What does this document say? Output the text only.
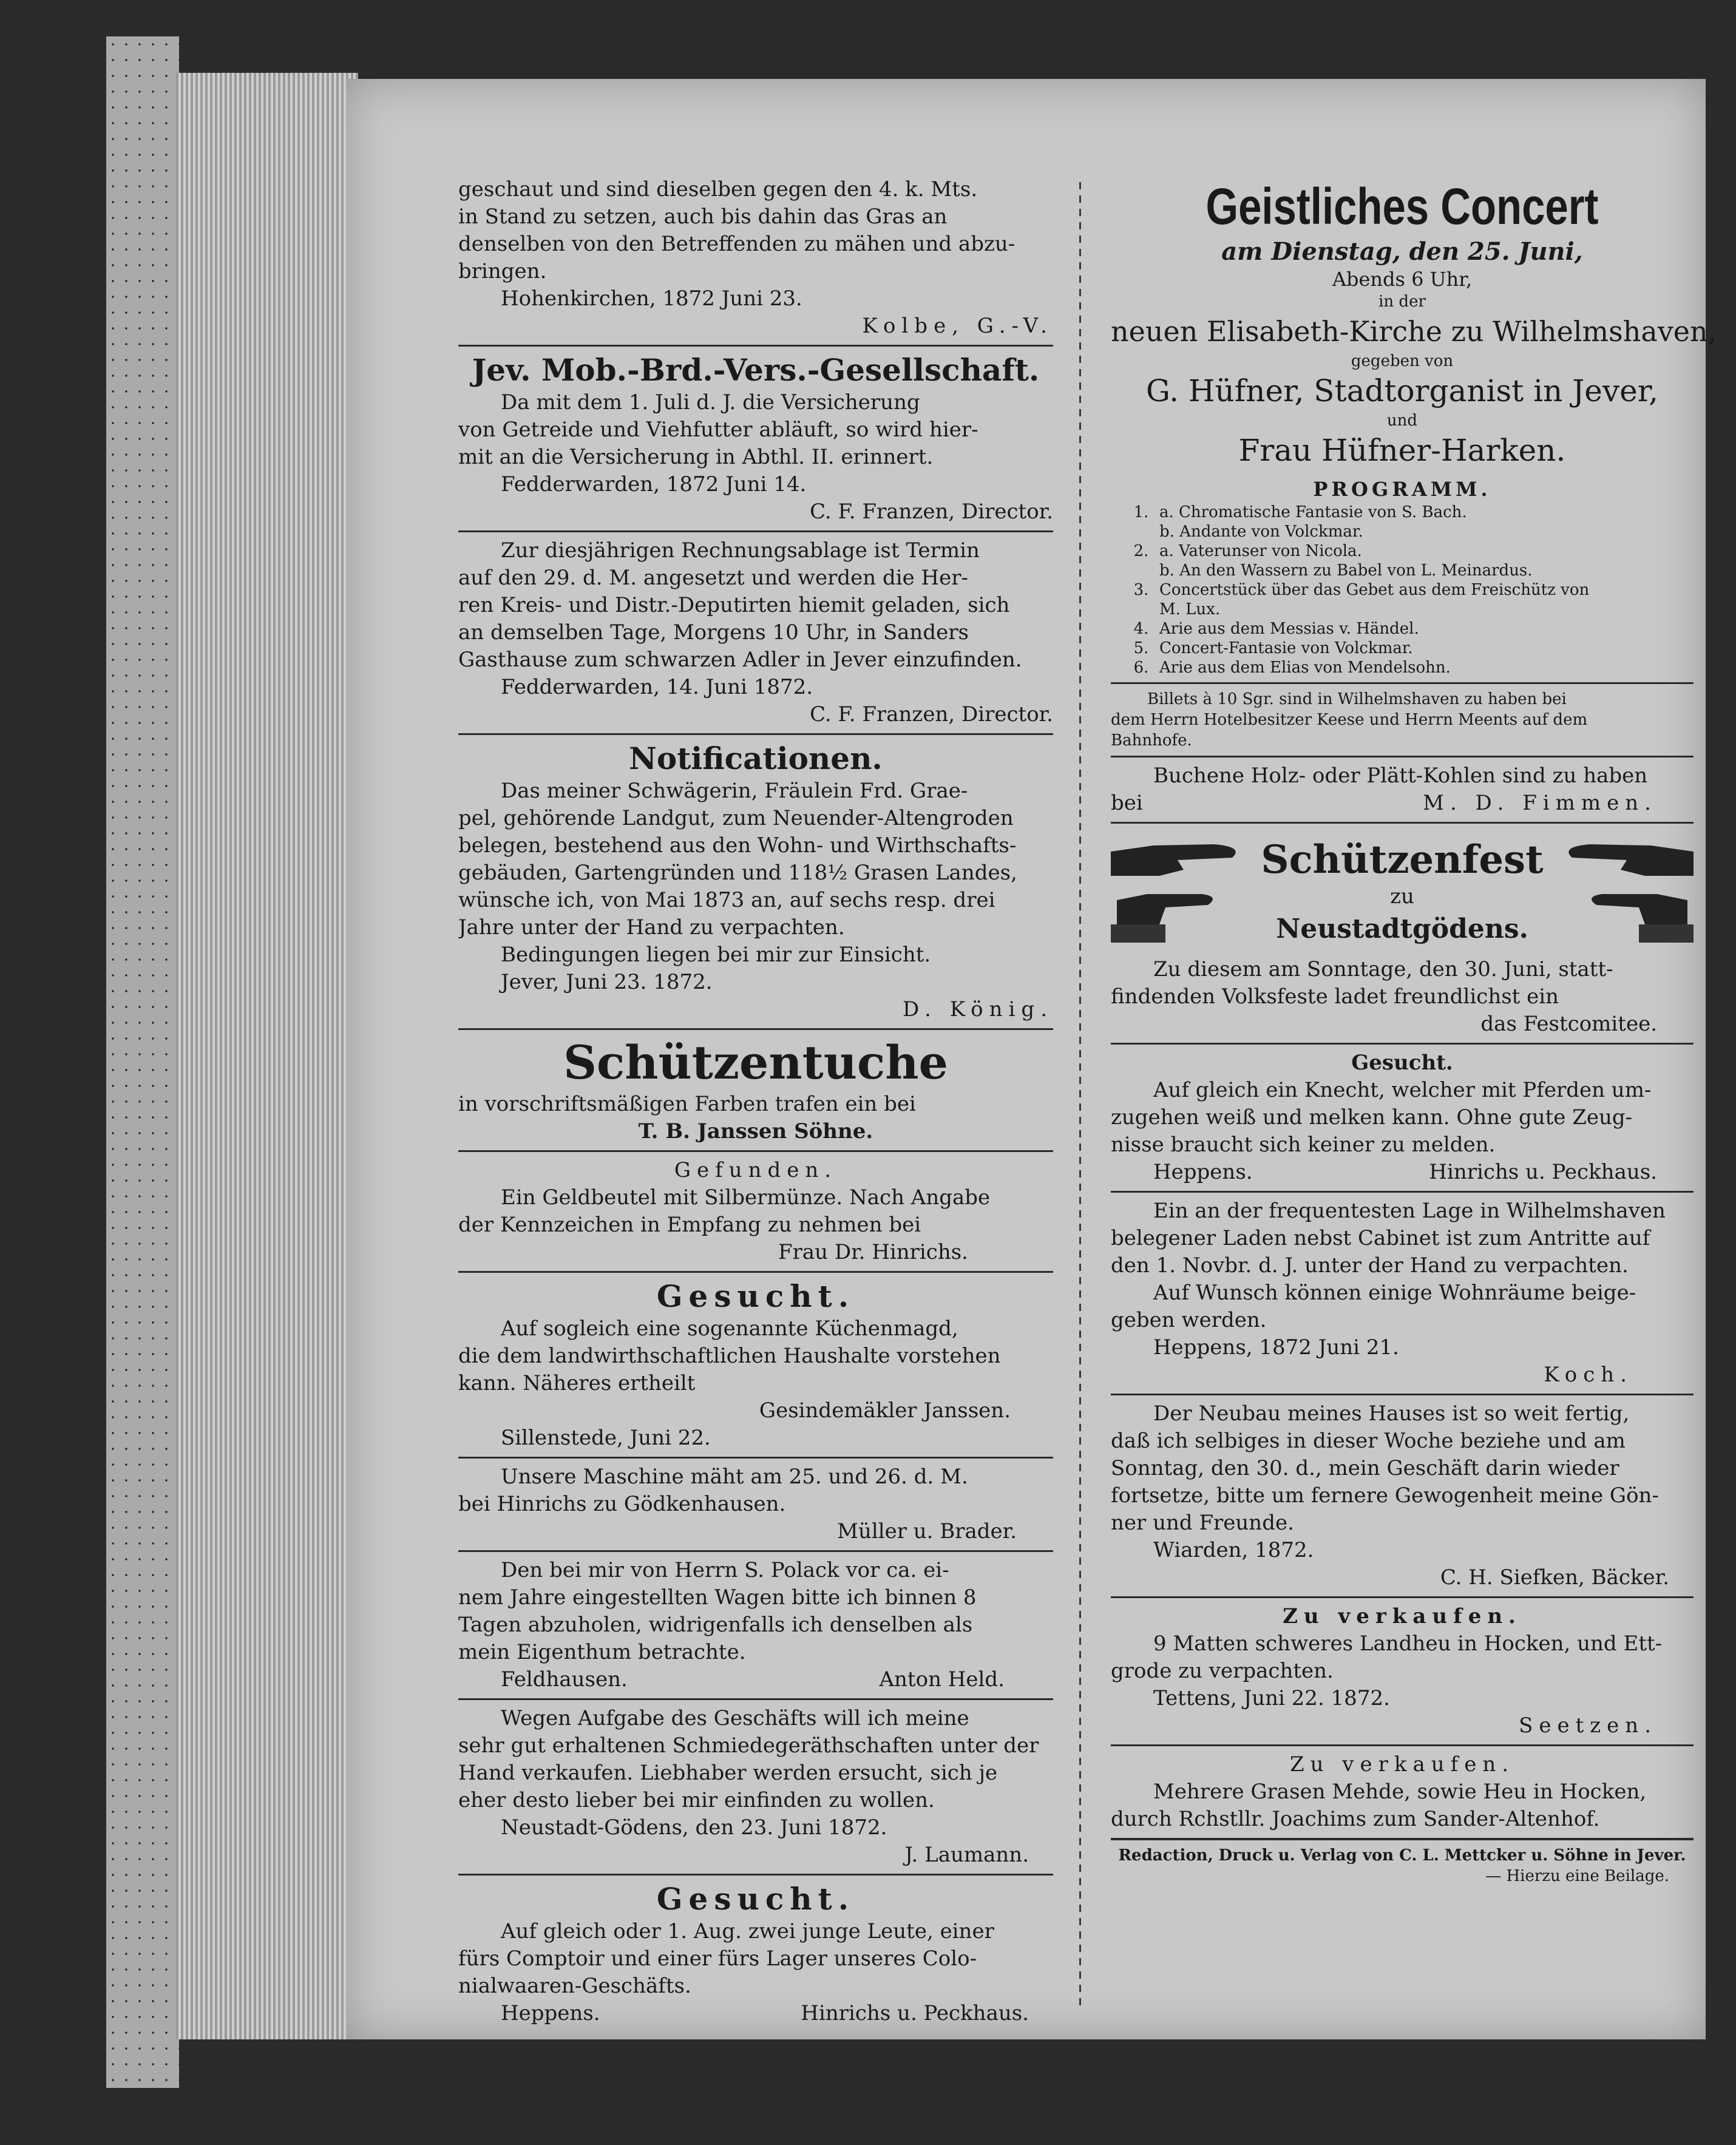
geschaut und sind dieselben gegen den 4. k. Mts.
in Stand zu setzen, auch bis dahin das Gras an
denselben von den Betreffenden zu mähen und abzu-
bringen.
Hohenkirchen, 1872 Juni 23.
Kolbe, G.-V.
Jev. Mob.-Brd.-Vers.-Gesellschaft.
Da mit dem 1. Juli d. J. die Versicherung
von Getreide und Viehfutter abläuft, so wird hier-
mit an die Versicherung in Abthl. II. erinnert.
Fedderwarden, 1872 Juni 14.
C. F. Franzen, Director.
Zur diesjährigen Rechnungsablage ist Termin
auf den 29. d. M. angesetzt und werden die Her-
ren Kreis- und Distr.-Deputirten hiemit geladen, sich
an demselben Tage, Morgens 10 Uhr, in Sanders
Gasthause zum schwarzen Adler in Jever einzufinden.
Fedderwarden, 14. Juni 1872.
C. F. Franzen, Director.
Notificationen.
Das meiner Schwägerin, Fräulein Frd. Grae-
pel, gehörende Landgut, zum Neuender-Altengroden
belegen, bestehend aus den Wohn- und Wirthschafts-
gebäuden, Gartengründen und 118½ Grasen Landes,
wünsche ich, von Mai 1873 an, auf sechs resp. drei
Jahre unter der Hand zu verpachten.
Bedingungen liegen bei mir zur Einsicht.
Jever, Juni 23. 1872.
D. König.
Schützentuche
in vorschriftsmäßigen Farben trafen ein bei
T. B. Janssen Söhne.
Gefunden.
Ein Geldbeutel mit Silbermünze. Nach Angabe
der Kennzeichen in Empfang zu nehmen bei
Frau Dr. Hinrichs.
Gesucht.
Auf sogleich eine sogenannte Küchenmagd,
die dem landwirthschaftlichen Haushalte vorstehen
kann. Näheres ertheilt
Gesindemäkler Janssen.
Sillenstede, Juni 22.
Unsere Maschine mäht am 25. und 26. d. M.
bei Hinrichs zu Gödkenhausen.
Müller u. Brader.
Den bei mir von Herrn S. Polack vor ca. ei-
nem Jahre eingestellten Wagen bitte ich binnen 8
Tagen abzuholen, widrigenfalls ich denselben als
mein Eigenthum betrachte.
Feldhausen.	Anton Held.
Wegen Aufgabe des Geschäfts will ich meine
sehr gut erhaltenen Schmiedegeräthschaften unter der
Hand verkaufen. Liebhaber werden ersucht, sich je
eher desto lieber bei mir einfinden zu wollen.
Neustadt-Gödens, den 23. Juni 1872.
J. Laumann.
Gesucht.
Auf gleich oder 1. Aug. zwei junge Leute, einer
fürs Comptoir und einer fürs Lager unseres Colo-
nialwaaren-Geschäfts.
Heppens.	Hinrichs u. Peckhaus.
Geistliches Concert
am Dienstag, den 25. Juni,
Abends 6 Uhr,
in der
neuen Elisabeth-Kirche zu Wilhelmshaven,
gegeben von
G. Hüfner, Stadtorganist in Jever,
und
Frau Hüfner-Harken.
PROGRAMM.
1. a. Chromatische Fantasie von S. Bach.
b. Andante von Volckmar.
2. a. Vaterunser von Nicola.
b. An den Wassern zu Babel von L. Meinardus.
3. Concertstück über das Gebet aus dem Freischütz von
M. Lux.
4. Arie aus dem Messias v. Händel.
5. Concert-Fantasie von Volckmar.
6. Arie aus dem Elias von Mendelsohn.
Billets à 10 Sgr. sind in Wilhelmshaven zu haben bei
dem Herrn Hotelbesitzer Keese und Herrn Meents auf dem
Bahnhofe.
Buchene Holz- oder Plätt-Kohlen sind zu haben
bei	M. D. Fimmen.
Schützenfest
zu
Neustadtgödens.
Zu diesem am Sonntage, den 30. Juni, statt-
findenden Volksfeste ladet freundlichst ein
das Festcomitee.
Gesucht.
Auf gleich ein Knecht, welcher mit Pferden um-
zugehen weiß und melken kann. Ohne gute Zeug-
nisse braucht sich keiner zu melden.
Heppens.	Hinrichs u. Peckhaus.
Ein an der frequentesten Lage in Wilhelmshaven
belegener Laden nebst Cabinet ist zum Antritte auf
den 1. Novbr. d. J. unter der Hand zu verpachten.
Auf Wunsch können einige Wohnräume beige-
geben werden.
Heppens, 1872 Juni 21.
Koch.
Der Neubau meines Hauses ist so weit fertig,
daß ich selbiges in dieser Woche beziehe und am
Sonntag, den 30. d., mein Geschäft darin wieder
fortsetze, bitte um fernere Gewogenheit meine Gön-
ner und Freunde.
Wiarden, 1872.
C. H. Siefken, Bäcker.
Zu verkaufen.
9 Matten schweres Landheu in Hocken, und Ett-
grode zu verpachten.
Tettens, Juni 22. 1872.
Seetzen.
Zu verkaufen.
Mehrere Grasen Mehde, sowie Heu in Hocken,
durch Rchstllr. Joachims zum Sander-Altenhof.
Redaction, Druck u. Verlag von C. L. Mettcker u. Söhne in Jever.
— Hierzu eine Beilage.
